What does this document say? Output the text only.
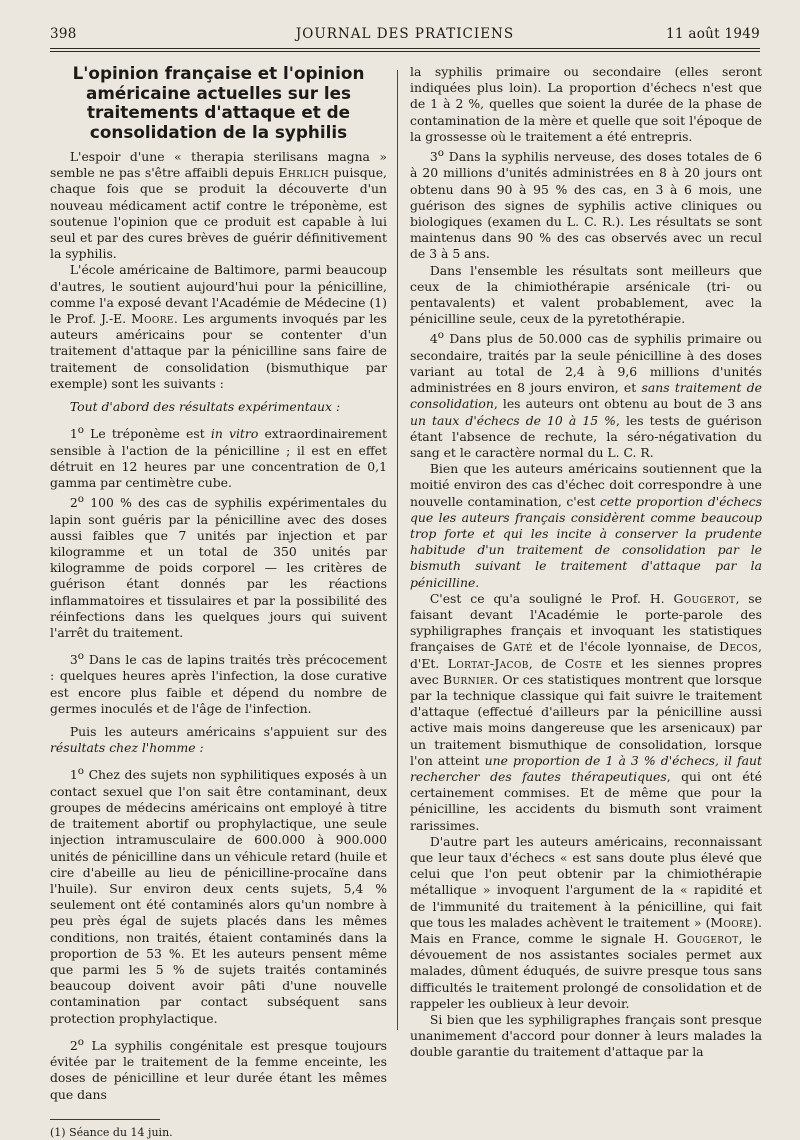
398	JOURNAL DES PRATICIENS	11 août 1949
L'opinion française et l'opinion américaine actuelles sur les traitements d'attaque et de consolidation de la syphilis

L'espoir d'une « therapia sterilisans magna » semble ne pas s'être affaibli depuis Ehrlich puisque, chaque fois que se produit la découverte d'un nouveau médicament actif contre le tréponème, est soutenue l'opinion que ce produit est capable à lui seul et par des cures brèves de guérir définitivement la syphilis.

L'école américaine de Baltimore, parmi beaucoup d'autres, le soutient aujourd'hui pour la pénicilline, comme l'a exposé devant l'Académie de Médecine (1) le Prof. J.-E. Moore. Les arguments invoqués par les auteurs américains pour se contenter d'un traitement d'attaque par la pénicilline sans faire de traitement de consolidation (bismuthique par exemple) sont les suivants :

Tout d'abord des résultats expérimentaux :

1$^o$ Le tréponème est in vitro extraordinairement sensible à l'action de la pénicilline ; il est en effet détruit en 12 heures par une concentration de 0,1 gamma par centimètre cube.

2$^o$ 100 % des cas de syphilis expérimentales du lapin sont guéris par la pénicilline avec des doses aussi faibles que 7 unités par injection et par kilogramme et un total de 350 unités par kilogramme de poids corporel — les critères de guérison étant donnés par les réactions inflammatoires et tissulaires et par la possibilité des réinfections dans les quelques jours qui suivent l'arrêt du traitement.

3$^o$ Dans le cas de lapins traités très précocement : quelques heures après l'infection, la dose curative est encore plus faible et dépend du nombre de germes inoculés et de l'âge de l'infection.

Puis les auteurs américains s'appuient sur des résultats chez l'homme :

1$^o$ Chez des sujets non syphilitiques exposés à un contact sexuel que l'on sait être contaminant, deux groupes de médecins américains ont employé à titre de traitement abortif ou prophylactique, une seule injection intramusculaire de 600.000 à 900.000 unités de pénicilline dans un véhicule retard (huile et cire d'abeille au lieu de pénicilline-procaïne dans l'huile). Sur environ deux cents sujets, 5,4 % seulement ont été contaminés alors qu'un nombre à peu près égal de sujets placés dans les mêmes conditions, non traités, étaient contaminés dans la proportion de 53 %. Et les auteurs pensent même que parmi les 5 % de sujets traités contaminés beaucoup doivent avoir pâti d'une nouvelle contamination par contact subséquent sans protection prophylactique.

2$^o$ La syphilis congénitale est presque toujours évitée par le traitement de la femme enceinte, les doses de pénicilline et leur durée étant les mêmes que dans

(1) Séance du 14 juin.

la syphilis primaire ou secondaire (elles seront indiquées plus loin). La proportion d'échecs n'est que de 1 à 2 %, quelles que soient la durée de la phase de contamination de la mère et quelle que soit l'époque de la grossesse où le traitement a été entrepris.

3$^o$ Dans la syphilis nerveuse, des doses totales de 6 à 20 millions d'unités administrées en 8 à 20 jours ont obtenu dans 90 à 95 % des cas, en 3 à 6 mois, une guérison des signes de syphilis active cliniques ou biologiques (examen du L. C. R.). Les résultats se sont maintenus dans 90 % des cas observés avec un recul de 3 à 5 ans.

Dans l'ensemble les résultats sont meilleurs que ceux de la chimiothérapie arsénicale (tri- ou pentavalents) et valent probablement, avec la pénicilline seule, ceux de la pyretothérapie.

4$^o$ Dans plus de 50.000 cas de syphilis primaire ou secondaire, traités par la seule pénicilline à des doses variant au total de 2,4 à 9,6 millions d'unités administrées en 8 jours environ, et sans traitement de consolidation, les auteurs ont obtenu au bout de 3 ans un taux d'échecs de 10 à 15 %, les tests de guérison étant l'absence de rechute, la séro-négativation du sang et le caractère normal du L. C. R.

Bien que les auteurs américains soutiennent que la moitié environ des cas d'échec doit correspondre à une nouvelle contamination, c'est cette proportion d'échecs que les auteurs français considèrent comme beaucoup trop forte et qui les incite à conserver la prudente habitude d'un traitement de consolidation par le bismuth suivant le traitement d'attaque par la pénicilline.

C'est ce qu'a souligné le Prof. H. Gougerot, se faisant devant l'Académie le porte-parole des syphiligraphes français et invoquant les statistiques françaises de Gaté et de l'école lyonnaise, de Decos, d'Et. Lortat-Jacob, de Coste et les siennes propres avec Burnier. Or ces statistiques montrent que lorsque par la technique classique qui fait suivre le traitement d'attaque (effectué d'ailleurs par la pénicilline aussi active mais moins dangereuse que les arsenicaux) par un traitement bismuthique de consolidation, lorsque l'on atteint une proportion de 1 à 3 % d'échecs, il faut rechercher des fautes thérapeutiques, qui ont été certainement commises. Et de même que pour la pénicilline, les accidents du bismuth sont vraiment rarissimes.

D'autre part les auteurs américains, reconnaissant que leur taux d'échecs « est sans doute plus élevé que celui que l'on peut obtenir par la chimiothérapie métallique » invoquent l'argument de la « rapidité et de l'immunité du traitement à la pénicilline, qui fait que tous les malades achèvent le traitement » (Moore). Mais en France, comme le signale H. Gougerot, le dévouement de nos assistantes sociales permet aux malades, dûment éduqués, de suivre presque tous sans difficultés le traitement prolongé de consolidation et de rappeler les oublieux à leur devoir.

Si bien que les syphiligraphes français sont presque unanimement d'accord pour donner à leurs malades la double garantie du traitement d'attaque par la
